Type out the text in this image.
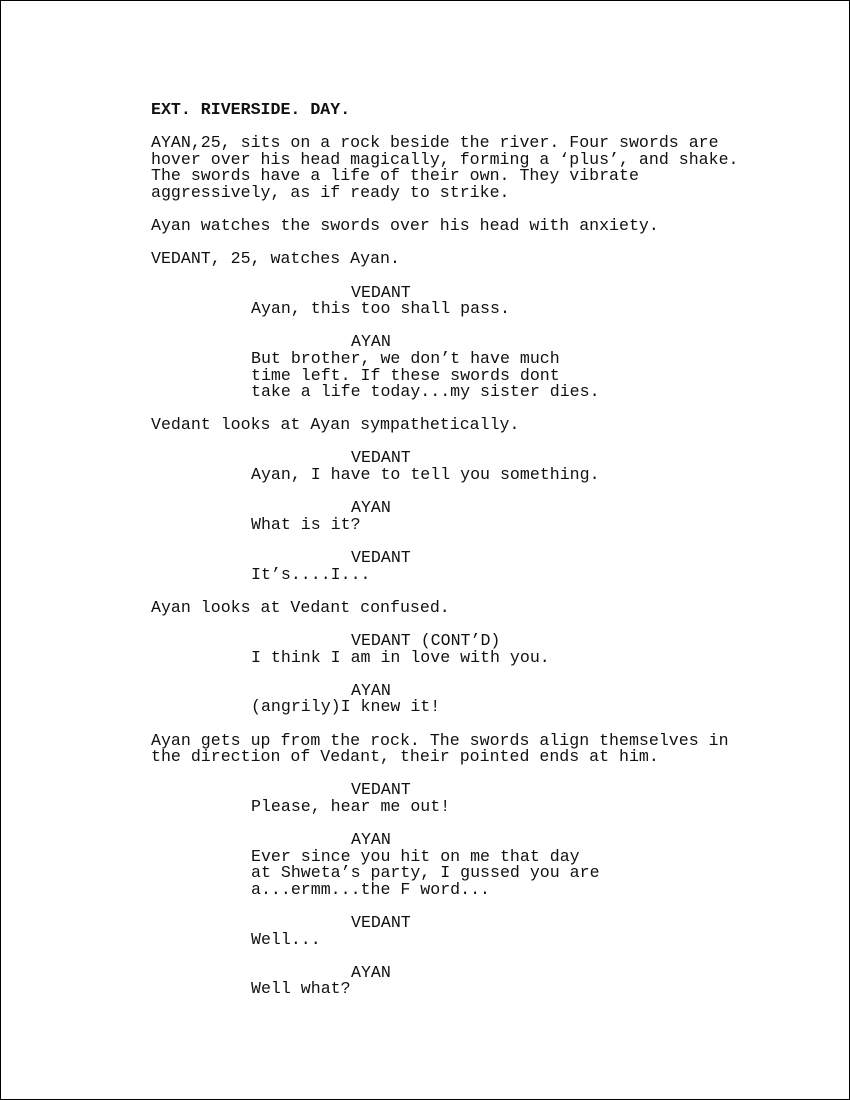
EXT. RIVERSIDE. DAY.
AYAN,25, sits on a rock beside the river. Four swords are
hover over his head magically, forming a ‘plus’, and shake.
The swords have a life of their own. They vibrate
aggressively, as if ready to strike.
Ayan watches the swords over his head with anxiety.
VEDANT, 25, watches Ayan.
VEDANT
Ayan, this too shall pass.
AYAN
But brother, we don’t have much
time left. If these swords dont
take a life today...my sister dies.
Vedant looks at Ayan sympathetically.
VEDANT
Ayan, I have to tell you something.
AYAN
What is it?
VEDANT
It’s....I...
Ayan looks at Vedant confused.
VEDANT (CONT’D)
I think I am in love with you.
AYAN
(angrily)I knew it!
Ayan gets up from the rock. The swords align themselves in
the direction of Vedant, their pointed ends at him.
VEDANT
Please, hear me out!
AYAN
Ever since you hit on me that day
at Shweta’s party, I gussed you are
a...ermm...the F word...
VEDANT
Well...
AYAN
Well what?
